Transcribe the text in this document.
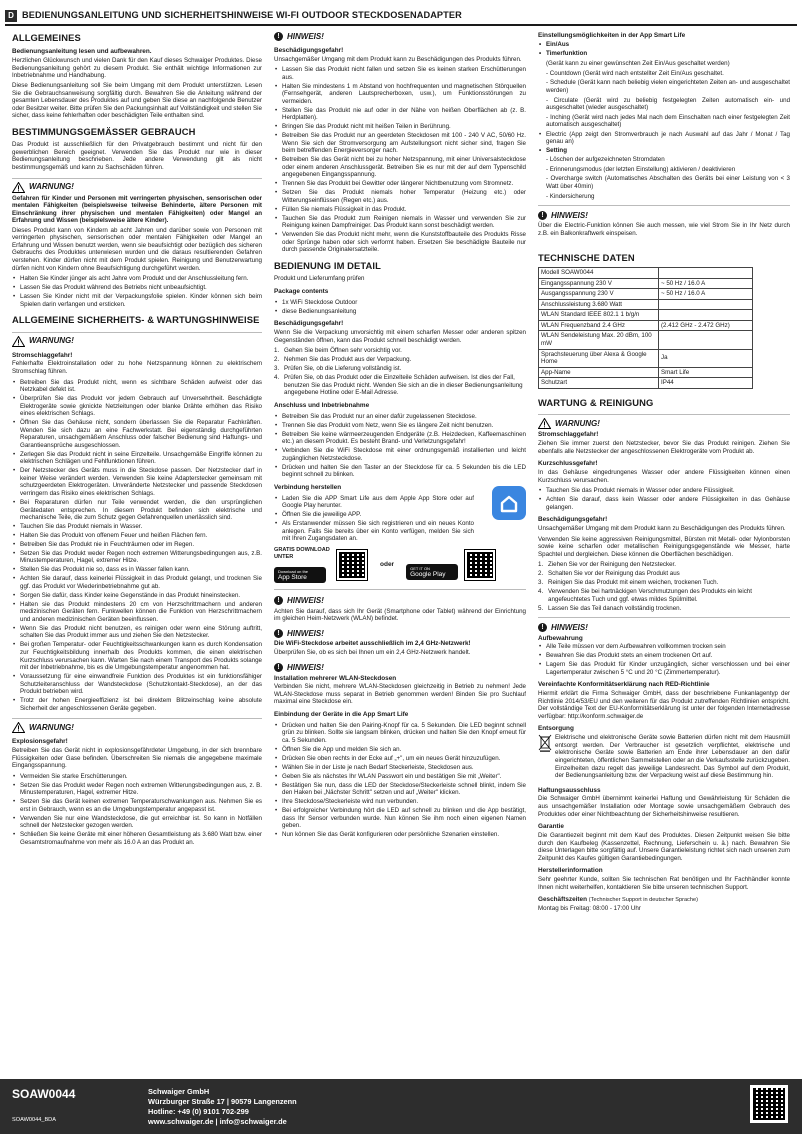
D BEDIENUNGSANLEITUNG UND SICHERHEITSHINWEISE WI-FI OUTDOOR STECKDOSENADAPTER
ALLGEMEINES
Bedienungsanleitung lesen und aufbewahren.

Herzlichen Glückwunsch und vielen Dank für den Kauf dieses Schwaiger Produktes. Diese Bedienungsanleitung gehört zu diesem Produkt. Sie enthält wichtige Informationen zur Inbetriebnahme und Handhabung.

Diese Bedienungsanleitung soll Sie beim Umgang mit dem Produkt unterstützen. Lesen Sie die Gebrauchsanweisung sorgfältig durch. Bewahren Sie die Anleitung während der gesamten Lebensdauer des Produktes auf und geben Sie diese an nachfolgende Benutzer oder Besitzer weiter. Bitte prüfen Sie den Packungsinhalt auf Vollständigkeit und stellen Sie sicher, dass keine fehlerhaften oder beschädigten Teile enthalten sind.

BESTIMMUNGSGEMÄSSER GEBRAUCH

Das Produkt ist ausschließlich für den Privatgebrauch bestimmt und nicht für den gewerblichen Bereich geeignet. Verwenden Sie das Produkt nur wie in dieser Bedienungsanleitung beschrieben. Jede andere Verwendung gilt als nicht bestimmungsgemäß und kann zu Sachschäden führen.

WARNUNG!

Gefahren für Kinder und Personen mit verringerten physischen, sensorischen oder mentalen Fähigkeiten (beispielsweise teilweise Behinderte, ältere Personen mit Einschränkung ihrer physischen und mentalen Fähigkeiten) oder Mangel an Erfahrung und Wissen (beispielsweise ältere Kinder).

Dieses Produkt kann von Kindern ab acht Jahren und darüber sowie von Personen mit verringerten physischen, sensorischen oder mentalen Fähigkeiten oder Mangel an Erfahrung und Wissen benutzt werden, wenn sie beaufsichtigt oder bezüglich des sicheren Gebrauchs des Produktes unterwiesen wurden und die daraus resultierenden Gefahren verstehen. Kinder dürfen nicht mit dem Produkt spielen. Reinigung und Benutzerwartung dürfen nicht von Kindern ohne Beaufsichtigung durchgeführt werden.

• Halten Sie Kinder jünger als acht Jahre vom Produkt und der Anschlussleitung fern.
• Lassen Sie das Produkt während des Betriebs nicht unbeaufsichtigt.
• Lassen Sie Kinder nicht mit der Verpackungsfolie spielen. Kinder können sich beim Spielen darin verfangen und ersticken.
ALLGEMEINE SICHERHEITS- & WARTUNGSHINWEISE
WARNUNG!
Stromschlaggefahr!

Fehlerhafte Elektroinstallation oder zu hohe Netzspannung können zu elektrischem Stromschlag führen.

• Betreiben Sie das Produkt nicht, wenn es sichtbare Schäden aufweist oder das Netzkabel defekt ist.
• Überprüfen Sie das Produkt vor jedem Gebrauch auf Unversehrtheit. Beschädigte Elektrogeräte sowie gknickte Netzleitungen oder blanke Drähte erhöhen das Risiko eines elektrischen Schlags.
• Öffnen Sie das Gehäuse nicht, sondern überlassen Sie die Reparatur Fachkräften. Wenden Sie sich dazu an eine Fachwerkstatt. Bei eigenständig durchgeführten Reparaturen, unsachgemäßem Anschluss oder falscher Bedienung sind Haftungs- und Garantieansprüche ausgeschlossen.
• Zerlegen Sie das Produkt nicht in seine Einzelteile. Unsachgemäße Eingriffe können zu elektrischen Schlägen und Fehlfunktionen führen.
• Der Netzstecker des Geräts muss in die Steckdose passen. Der Netzstecker darf in keiner Weise verändert werden. Verwenden Sie keine Adapterstecker gemeinsam mit schutzgeerdeten Elektrogeräten. Unveränderte Netzstecker und passende Steckdosen verringern das Risiko eines elektrischen Schlags.
• Bei Reparaturen dürfen nur Teile verwendet werden, die den ursprünglichen Gerätedaten entsprechen. In diesem Produkt befinden sich elektrische und mechanische Teile, die zum Schutz gegen Gefahrenquellen unerlässlich sind.
• Tauchen Sie das Produkt niemals in Wasser.
• Halten Sie das Produkt von offenem Feuer und heißen Flächen fern.
• Betreiben Sie das Produkt nie in Feuchträumen oder im Regen.
• Setzen Sie das Produkt weder Regen noch extremen Witterungsbedingungen aus, z.B. Minustemperaturen, Hagel, extremer Hitze.
• Stellen Sie das Produkt nie so, dass es in Wasser fallen kann.
• Achten Sie darauf, dass keinerlei Flüssigkeit in das Produkt gelangt, und trocknen Sie ggf. das Produkt vor Wiederinbetriebnahme gut ab.
• Sorgen Sie dafür, dass Kinder keine Gegenstände in das Produkt hineinstecken.
• Halten sie das Produkt mindestens 20 cm von Herzschrittmachern und anderen medizinischen Geräten fern. Funkwellen können die Funktion von Herzschrittmachern und anderen medizinischen Geräten beeinflussen.
• Wenn Sie das Produkt nicht benutzen, es reinigen oder wenn eine Störung auftritt, schalten Sie das Produkt immer aus und ziehen Sie den Netzstecker.
• Bei großen Temperatur- oder Feuchtigkeitsschwankungen kann es durch Kondensation zur Feuchtigkeitsbildung innerhalb des Produkts kommen, die einen elektrischen Kurzschluss verursachen kann. Warten Sie nach einem Transport des Produkts solange mit der Inbetriebnahme, bis es die Umgebungstemperatur angenommen hat.
• Voraussetzung für eine einwandfreie Funktion des Produktes ist ein funktionsfähiger Schutzleiteranschluss der Wandsteckdose (Schutzkontakt-Steckdose), an der das Produkt betrieben wird.
• Trotz der hohen Energieeffizienz ist bei direktem Blitzeinschlag keine absolute Sicherheit der angeschlossenen Geräte gegeben.
WARNUNG!
Explosionsgefahr!

Betreiben Sie das Gerät nicht in explosionsgefährdeter Umgebung, in der sich brennbare Flüssigkeiten oder Gase befinden. Überschreiten Sie niemals die angegebene maximale Eingangsspannung.

• Vermeiden Sie starke Erschütterungen.
• Setzen Sie das Produkt weder Regen noch extremen Witterungsbedingungen aus, z. B. Minustemperaturen, Hagel, extremer Hitze.
• Setzen Sie das Gerät keinen extremen Temperaturschwankungen aus. Nehmen Sie es erst in Gebrauch, wenn es an die Umgebungstemperatur angepasst ist.
• Verwenden Sie nur eine Wandsteckdose, die gut erreichbar ist. So kann in Notfällen schnell der Netzstecker gezogen werden.
• Schließen Sie keine Geräte mit einer höheren Gesamtleistung als 3.680 Watt bzw. einer Gesamtstromaufnahme von mehr als 16.0 A an das Produkt an.
! HINWEIS!
Beschädigungsgefahr!

Unsachgemäßer Umgang mit dem Produkt kann zu Beschädigungen des Produkts führen.

• Lassen Sie das Produkt nicht fallen und setzen Sie es keinen starken Erschütterungen aus.
• Halten Sie mindestens 1 m Abstand von hochfrequenten und magnetischen Störquellen (Fernsehgerät, anderen Lautsprecherboxen, usw.), um Funktionsstörungen zu vermeiden.
• Stellen Sie das Produkt nie auf oder in der Nähe von heißen Oberflächen ab (z. B. Herdplatten).
• Bringen Sie das Produkt nicht mit heißen Teilen in Berührung.
• Betreiben Sie das Produkt nur an geerdeten Steckdosen mit 100 - 240 V AC, 50/60 Hz. Wenn Sie sich der Stromversorgung am Aufstellungsort nicht sicher sind, fragen Sie beim betreffenden Energieversorger nach.
• Betreiben Sie das Gerät nicht bei zu hoher Netzspannung, mit einer Universalsteckdose oder einem anderen Anschlussgerät. Betreiben Sie es nur mit der auf dem Typenschild angegebenen Eingangsspannung.
• Trennen Sie das Produkt bei Gewitter oder längerer Nichtbenutzung vom Stromnetz.
• Setzen Sie das Produkt niemals hoher Temperatur (Heizung etc.) oder Witterungseinflüssen (Regen etc.) aus.
• Füllen Sie niemals Flüssigkeit in das Produkt.
• Tauchen Sie das Produkt zum Reinigen niemals in Wasser und verwenden Sie zur Reinigung keinen Dampfreiniger. Das Produkt kann sonst beschädigt werden.
• Verwenden Sie das Produkt nicht mehr, wenn die Kunststoffbauteile des Produkts Risse oder Sprünge haben oder sich verformt haben. Ersetzen Sie beschädigte Bauteile nur durch passende Originalersatzteile.
BEDIENUNG IM DETAIL

Produkt und Lieferumfang prüfen

Package contents
• 1x WiFi Steckdose Outdoor
• diese Bedienungsanleitung
Beschädigungsgefahr!

Wenn Sie die Verpackung unvorsichtig mit einem scharfen Messer oder anderen spitzen Gegenständen öffnen, kann das Produkt schnell beschädigt werden.

1. Gehen Sie beim Öffnen sehr vorsichtig vor.
2. Nehmen Sie das Produkt aus der Verpackung.
3. Prüfen Sie, ob die Lieferung vollständig ist.
4. Prüfen Sie, ob das Produkt oder die Einzelteile Schäden aufweisen. Ist dies der Fall, benutzen Sie das Produkt nicht. Wenden Sie sich an die in dieser Bedienungsanleitung angegebene Hotline oder E-Mail Adresse.
Anschluss und Inbetriebnahme
• Betreiben Sie das Produkt nur an einer dafür zugelassenen Steckdose.
• Trennen Sie das Produkt vom Netz, wenn Sie es längere Zeit nicht benutzen.
• Betreiben Sie keine wärmeerzeugenden Endgeräte (z.B. Heizdecken, Kaffeemaschinen etc.) an diesem Produkt. Es besteht Brand- und Verletzungsgefahr!
• Verbinden Sie die WiFi Steckdose mit einer ordnungsgemäß installierten und leicht zugänglichen Netzsteckdose.
• Drücken und halten Sie den Taster an der Steckdose für ca. 5 Sekunden bis die LED beginnt schnell zu blinken.
Verbindung herstellen
• Laden Sie die APP Smart Life aus dem Apple App Store oder auf Google Play herunter.
• Öffnen Sie die jeweilige APP.
• Als Erstanwender müssen Sie sich registrieren und ein neues Konto anlegen. Falls Sie bereits über ein Konto verfügen, melden Sie sich mit Ihren Zugangsdaten an.
GRATIS DOWNLOAD UNTER
Download on the
App Store
oder
GET IT ON
Google Play
! HINWEIS!

Achten Sie darauf, dass sich Ihr Gerät (Smartphone oder Tablet) während der Einrichtung im gleichen Heim-Netzwerk (WLAN) befindet.

! HINWEIS!
Die WiFi-Steckdose arbeitet ausschließlich im 2,4 GHz-Netzwerk!

Überprüfen Sie, ob es sich bei Ihnen um ein 2,4 GHz-Netzwerk handelt.

! HINWEIS!
Installation mehrerer WLAN-Steckdosen

Verbinden Sie nicht, mehrere WLAN-Steckdosen gleichzeitig in Betrieb zu nehmen! Jede WLAN-Steckdose muss separat in Betrieb genommen werden! Binden Sie pro Suchlauf maximal eine Steckdose ein.

Einbindung der Geräte in die App Smart Life
• Drücken und halten Sie den Pairing-Knopf für ca. 5 Sekunden. Die LED beginnt schnell grün zu blinken. Sollte sie langsam blinken, drücken und halten Sie den Knopf erneut für ca. 5 Sekunden.
• Öffnen Sie die App und melden Sie sich an.
• Drücken Sie oben rechts in der Ecke auf „+", um ein neues Gerät hinzuzufügen.
• Wählen Sie in der Liste je nach Bedarf Steckerleiste, Steckdosen aus.
• Geben Sie als nächstes Ihr WLAN Passwort ein und bestätigen Sie mit „Weiter".
• Bestätigen Sie nun, dass die LED der Steckdose/Steckerleiste schnell blinkt, indem Sie den Haken bei „Nächster Schritt" setzen und auf „Weiter" klicken.
• Ihre Steckdose/Steckerleiste wird nun verbunden.
• Bei erfolgreicher Verbindung hört die LED auf schnell zu blinken und die App bestätigt, dass Ihr Sensor verbunden wurde. Nun können Sie ihm noch einen eigenen Namen geben.
• Nun können Sie das Gerät konfigurieren oder persönliche Szenarien einstellen.
Einstellungsmöglichkeiten in der App Smart Life
• Ein/Aus
• Timerfunktion

(Gerät kann zu einer gewünschten Zeit Ein/Aus geschaltet werden)

- Countdown (Gerät wird nach entstellter Zeit Ein/Aus geschaltet.

- Schedule (Gerät kann nach beliebig vielen eingerichteten Zeiten an- und ausgeschaltet werden)

- Circulate (Gerät wird zu beliebig festgelegten Zeiten automatisch ein- und ausgeschaltet (wieder ausgeschaltet)

- Inching (Gerät wird nach jedes Mal nach dem Einschalten nach einer festgelegten Zeit automatisch ausgeschaltet)

• Electric (App zeigt den Stromverbrauch je nach Auswahl auf das Jahr / Monat / Tag genau an)
• Setting

- Löschen der aufgezeichneten Stromdaten

- Erinnerungsmodus (der letzten Einstellung) aktivieren / deaktivieren

- Overcharge switch (Automatisches Abschalten des Geräts bei einer Leistung von < 3 Watt über 40min)

- Kindersicherung

! HINWEIS!

Über die Electric-Funktion können Sie auch messen, wie viel Strom Sie in Ihr Netz durch z.B. ein Balkonkraftwerk einspeisen.

TECHNISCHE DATEN
Modell SOAW0044	
Eingangsspannung 230 V	~ 50 Hz / 16.0 A
Ausgangsspannung 230 V	~ 50 Hz / 16.0 A
Anschlussleistung 3.680 Watt	
WLAN Standard IEEE 802.1 1 b/g/n	
WLAN Frequenzband 2.4 GHz	(2.412 GHz - 2.472 GHz)
WLAN Sendeleistung Max. 20 dBm, 100 mW	
Sprachsteuerung über Alexa & Google Home	Ja
App-Name	Smart Life
Schutzart	IP44
WARTUNG & REINIGUNG
WARNUNG!
Stromschlaggefahr!

Ziehen Sie immer zuerst den Netzstecker, bevor Sie das Produkt reinigen. Ziehen Sie ebenfalls alle Netzstecker der angeschlossenen Elektrogeräte vom Produkt ab.

Kurzschlussgefahr!

In das Gehäuse eingedrungenes Wasser oder andere Flüssigkeiten können einen Kurzschluss verursachen.

• Tauchen Sie das Produkt niemals in Wasser oder andere Flüssigkeit.
• Achten Sie darauf, dass kein Wasser oder andere Flüssigkeiten in das Gehäuse gelangen.
Beschädigungsgefahr!

Unsachgemäßer Umgang mit dem Produkt kann zu Beschädigungen des Produkts führen.

Verwenden Sie keine aggressiven Reinigungsmittel, Bürsten mit Metall- oder Nylonborsten sowie keine scharfen oder metallischen Reinigungsgegenstände wie Messer, harte Spachtel und dergleichen. Diese können die Oberflächen beschädigen.

1. Ziehen Sie vor der Reinigung den Netzstecker.
2. Schalten Sie vor der Reinigung das Produkt aus
3. Reinigen Sie das Produkt mit einem weichen, trockenen Tuch.
4. Verwenden Sie bei hartnäckigen Verschmutzungen des Produkts ein leicht angefeuchtetes Tuch und ggf. etwas mildes Spülmittel.
5. Lassen Sie das Teil danach vollständig trocknen.
! HINWEIS!
Aufbewahrung
• Alle Teile müssen vor dem Aufbewahren vollkommen trocken sein
• Bewahren Sie das Produkt stets an einem trockenen Ort auf.
• Lagern Sie das Produkt für Kinder unzugänglich, sicher verschlossen und bei einer Lagertemperatur zwischen 5 °C und 20 °C (Zimmertemperatur).
Vereinfachte Konformitätserklärung nach RED-Richtlinie

Hiermit erklärt die Firma Schwaiger GmbH, dass der beschriebene Funkanlagentyp der Richtlinie 2014/53/EU und den weiteren für das Produkt zutreffenden Richtlinien entspricht. Der vollständige Text der EU-Konformitätserklärung ist unter der folgenden Internetadresse verfügbar: http://konform.schwaiger.de

Entsorgung

Elektrische und elektronische Geräte sowie Batterien dürfen nicht mit dem Hausmüll entsorgt werden. Der Verbraucher ist gesetzlich verpflichtet, elektrische und elektronische Geräte sowie Batterien am Ende ihrer Lebensdauer an den dafür eingerichteten, öffentlichen Sammelstellen oder an die Verkaufsstelle zurückzugeben. Einzelheiten dazu regelt das jeweilige Landesrecht. Das Symbol auf dem Produkt, der Bedienungsanleitung bzw. der Verpackung weist auf diese Bestimmung hin.

Haftungsausschluss

Die Schwaiger GmbH übernimmt keinerlei Haftung und Gewährleistung für Schäden die aus unsachgemäßer Installation oder Montage sowie unsachgemäßem Gebrauch des Produktes oder einer Nichtbeachtung der Sicherheitshinweise resultieren.

Garantie

Die Garantiezeit beginnt mit dem Kauf des Produktes. Diesen Zeitpunkt weisen Sie bitte durch den Kaufbeleg (Kassenzettel, Rechnung, Lieferschein u. ä.) nach. Bewahren Sie diese Unterlagen bitte sorgfältig auf. Unsere Garantieleistung richtet sich nach unseren zum Zeitpunkt des Kaufes gültigen Garantiebedingungen.

Herstellerinformation

Sehr geehrter Kunde, sollten Sie technischen Rat benötigen und Ihr Fachhändler konnte Ihnen nicht weiterhelfen, kontaktieren Sie bitte unseren technischen Support.

Geschäftszeiten (Technischer Support in deutscher Sprache)

Montag bis Freitag: 08:00 - 17:00 Uhr

SOAW0044
SOAW0044_BDA
Schwaiger GmbH
Würzburger Straße 17 | 90579 Langenzenn
Hotline: +49 (0) 9101 702-299
www.schwaiger.de | info@schwaiger.de
